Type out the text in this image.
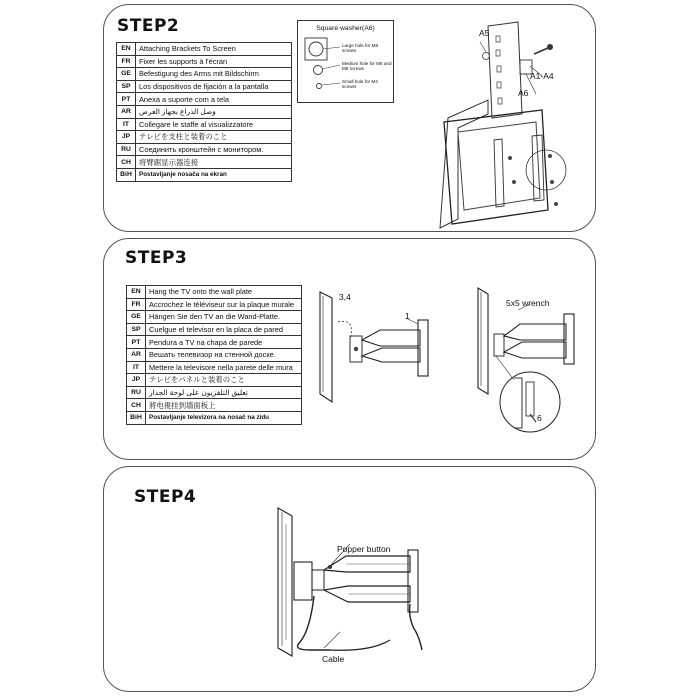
STEP2
EN	Attaching Brackets To Screen
FR	Fixer les supports à l'écran
GE	Befestigung des Arms mit Bildschirm
SP	Los dispositivos de fijación a la pantalla
PT	Anexa a suporte com a tela
AR	وصل الذراع بجهاز العرض
IT	Collegare le staffe al visualizzatore
JP	テレビを支柱と装着のこと
RU	Соединить кронштейн с монитором.
CH	将臂踞显示器连接
BiH	Postavljanje nosača na ekran
Square washer(A6)
Large hole for M8 screws
Medium hole for M5 and M6 screws
Small hole for M4 screws
A5
A1-A4
A6
STEP3
EN	Hang the TV onto the wall plate
FR	Accrochez le téléviseur sur la plaque murale
GE	Hängen Sie den TV an die Wand-Platte.
SP	Cuelgue el televisor en la placa de pared
PT	Pendura a TV na chapa de parede
AR	Вешать телевизор на стенной доске.
IT	Mettere la televisore nella parete delle mura
JP	テレビをパネルと装着のこと
RU	تعليق التلفزيون على لوحة الجدار
CH	將电視挂到墙面板上
BiH	Postavljanje televizora na nosač na zidu
3,4
1
5x5 wrench
6
STEP4
Popper button
Cable
